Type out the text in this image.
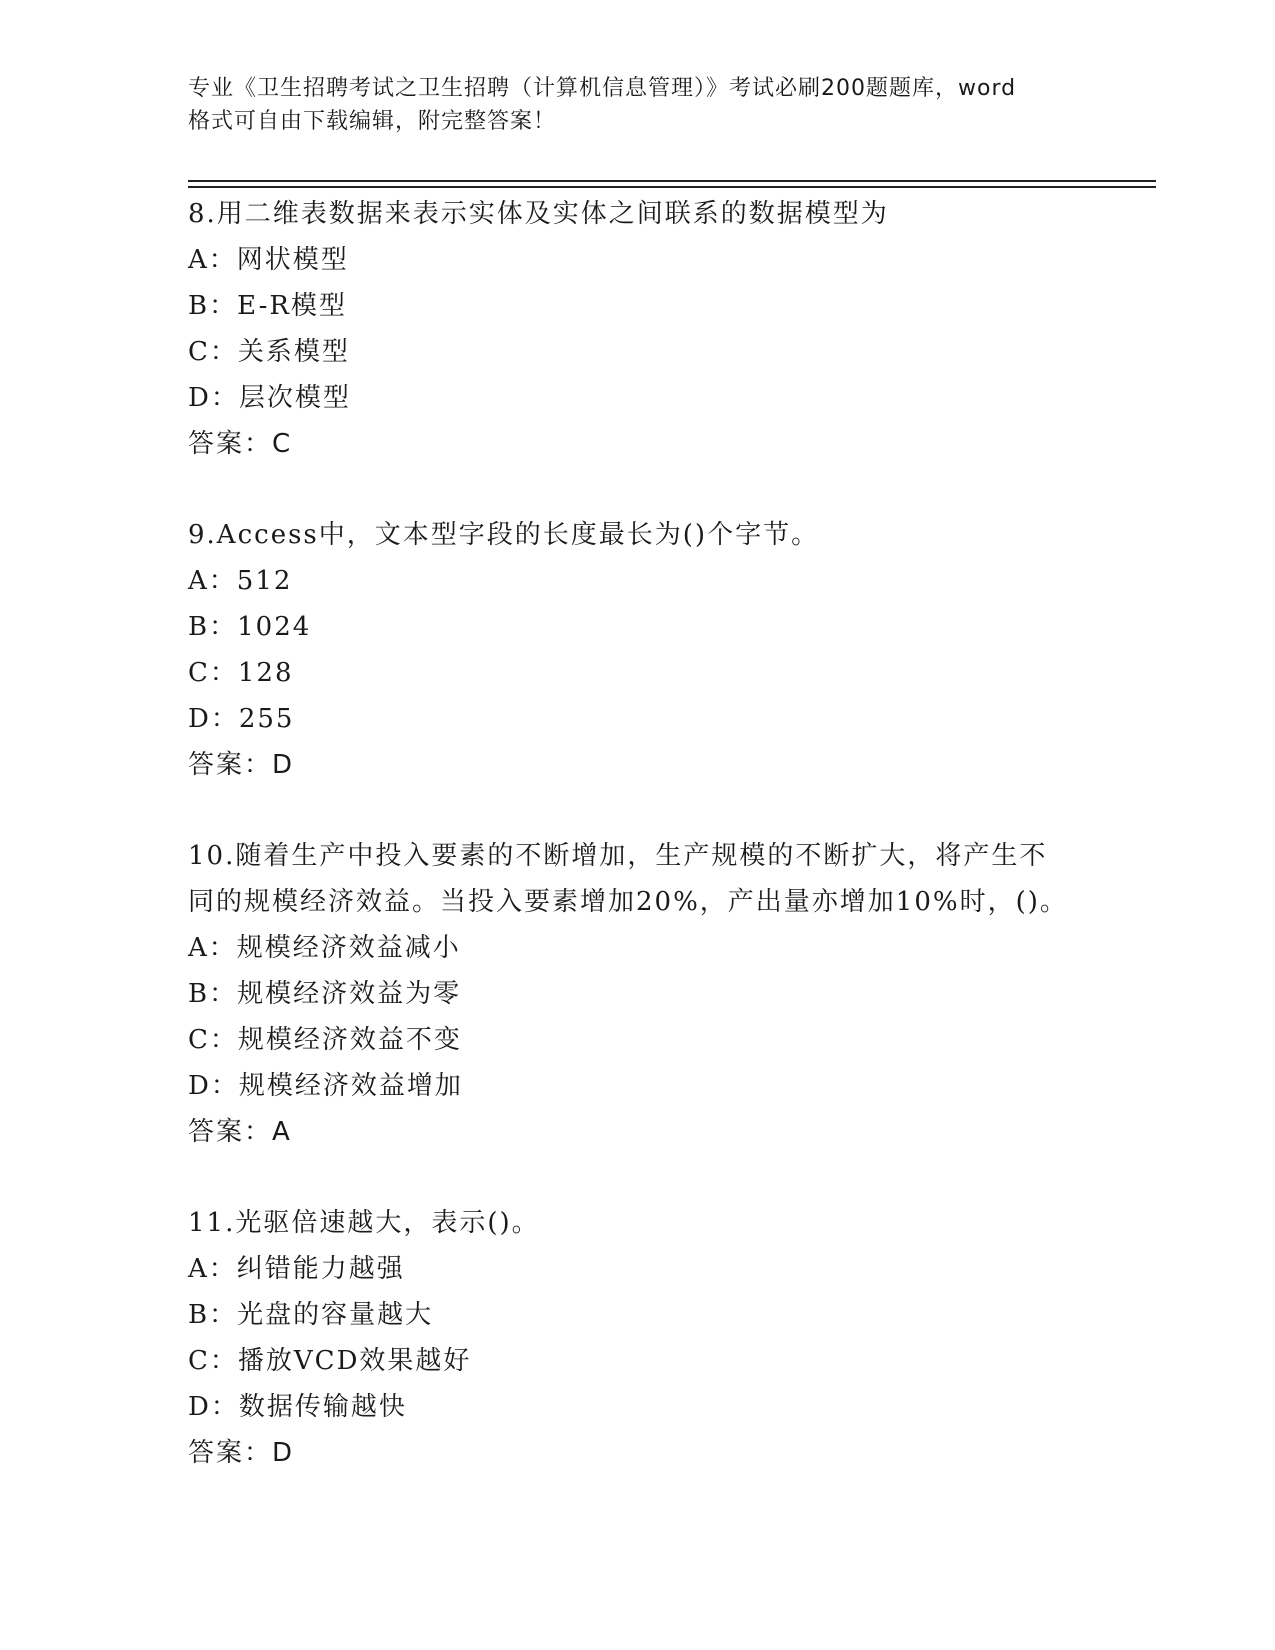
专业《卫生招聘考试之卫生招聘（计算机信息管理）》考试必刷200题题库，word
格式可自由下载编辑，附完整答案！
8.用二维表数据来表示实体及实体之间联系的数据模型为
A：网状模型
B：E-R模型
C：关系模型
D：层次模型
答案：C
9.Access中，文本型字段的长度最长为()个字节。
A：512
B：1024
C：128
D：255
答案：D
10.随着生产中投入要素的不断增加，生产规模的不断扩大，将产生不
同的规模经济效益。当投入要素增加20%，产出量亦增加10%时，()。
A：规模经济效益减小
B：规模经济效益为零
C：规模经济效益不变
D：规模经济效益增加
答案：A
11.光驱倍速越大，表示()。
A：纠错能力越强
B：光盘的容量越大
C：播放VCD效果越好
D：数据传输越快
答案：D
